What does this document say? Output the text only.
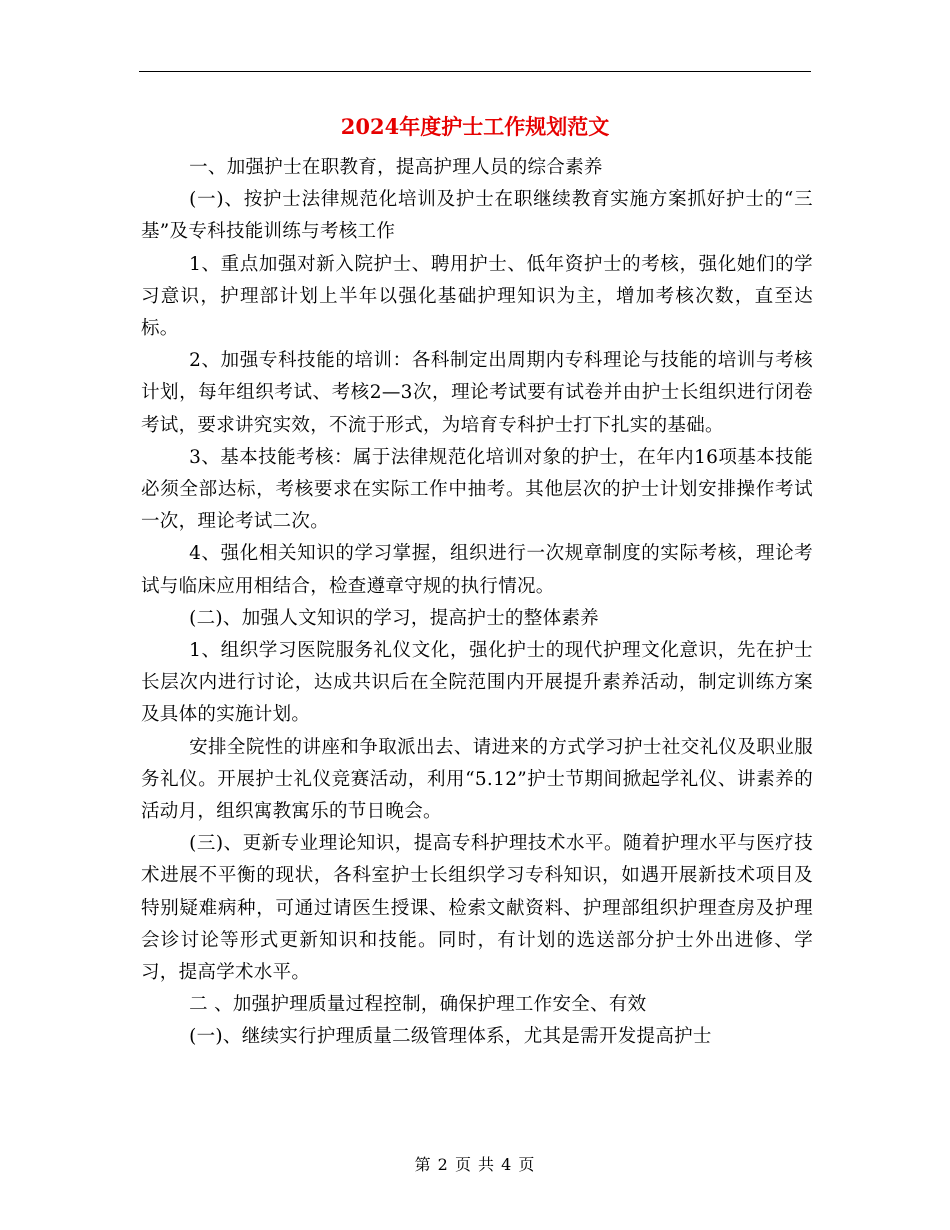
2024年度护士工作规划范文

一、加强护士在职教育，提高护理人员的综合素养

(一)、按护士法律规范化培训及护士在职继续教育实施方案抓好护士的“三基”及专科技能训练与考核工作

1、重点加强对新入院护士、聘用护士、低年资护士的考核，强化她们的学习意识，护理部计划上半年以强化基础护理知识为主，增加考核次数，直至达标。

2、加强专科技能的培训：各科制定出周期内专科理论与技能的培训与考核计划，每年组织考试、考核2—3次，理论考试要有试卷并由护士长组织进行闭卷考试，要求讲究实效，不流于形式，为培育专科护士打下扎实的基础。

3、基本技能考核：属于法律规范化培训对象的护士，在年内16项基本技能必须全部达标，考核要求在实际工作中抽考。其他层次的护士计划安排操作考试一次，理论考试二次。

4、强化相关知识的学习掌握，组织进行一次规章制度的实际考核，理论考试与临床应用相结合，检查遵章守规的执行情况。

(二)、加强人文知识的学习，提高护士的整体素养

1、组织学习医院服务礼仪文化，强化护士的现代护理文化意识，先在护士长层次内进行讨论，达成共识后在全院范围内开展提升素养活动，制定训练方案及具体的实施计划。

安排全院性的讲座和争取派出去、请进来的方式学习护士社交礼仪及职业服务礼仪。开展护士礼仪竞赛活动，利用“5.12”护士节期间掀起学礼仪、讲素养的活动月，组织寓教寓乐的节日晚会。

(三)、更新专业理论知识，提高专科护理技术水平。随着护理水平与医疗技术进展不平衡的现状，各科室护士长组织学习专科知识，如遇开展新技术项目及特别疑难病种，可通过请医生授课、检索文献资料、护理部组织护理查房及护理会诊讨论等形式更新知识和技能。同时，有计划的选送部分护士外出进修、学习，提高学术水平。

二 、加强护理质量过程控制，确保护理工作安全、有效

(一)、继续实行护理质量二级管理体系，尤其是需开发提高护士

第 2 页 共 4 页
